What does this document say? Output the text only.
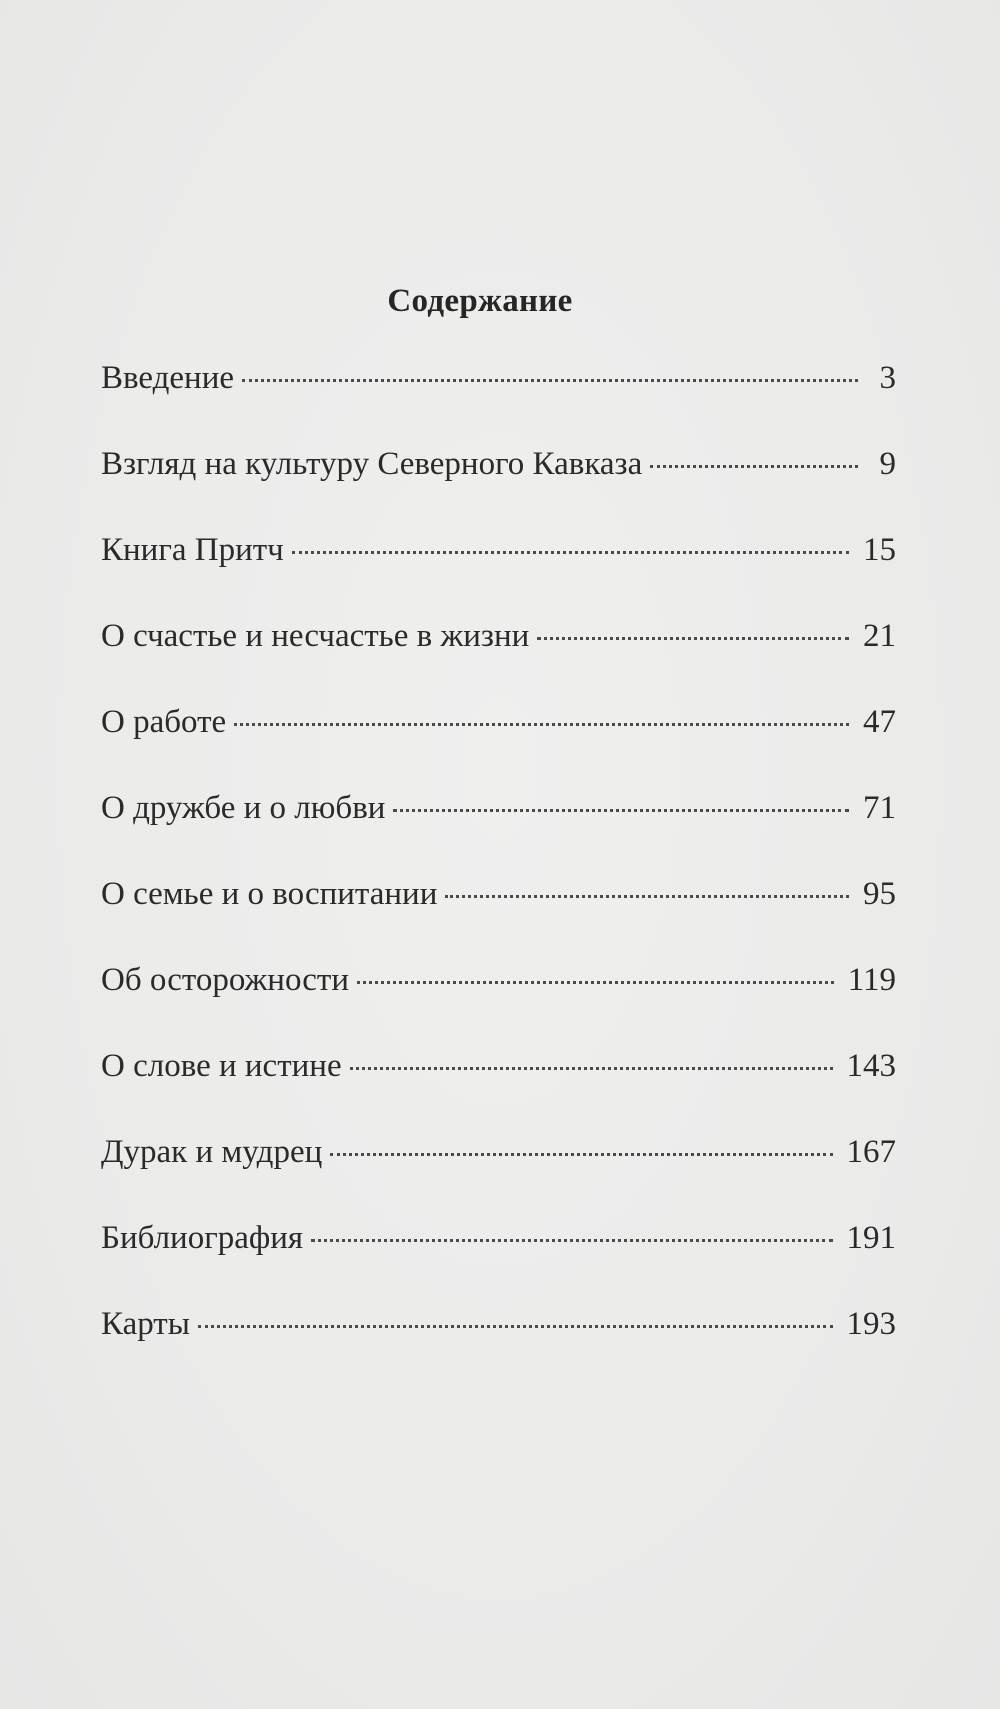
Содержание
Введение	3
Взгляд на культуру Северного Кавказа	9
Книга Притч	15
О счастье и несчастье в жизни	21
О работе	47
О дружбе и о любви	71
О семье и о воспитании	95
Об осторожности	119
О слове и истине	143
Дурак и мудрец	167
Библиография	191
Карты	193
